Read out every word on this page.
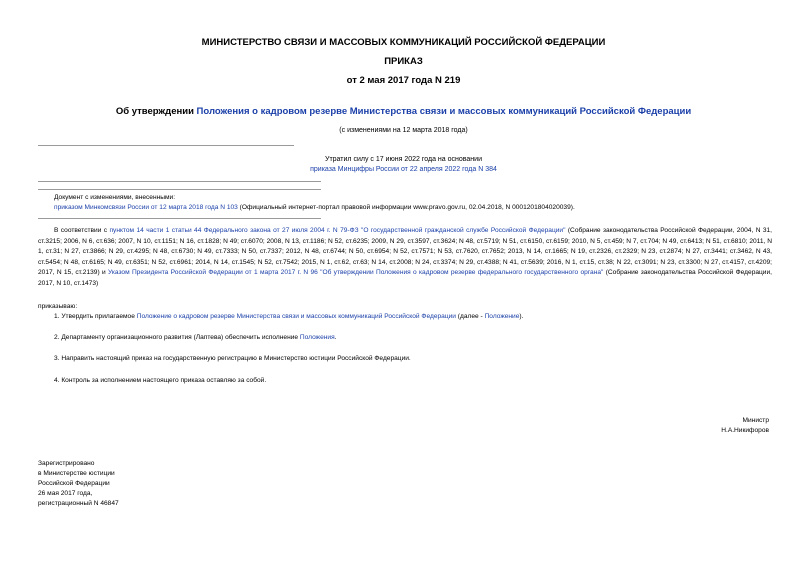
МИНИСТЕРСТВО СВЯЗИ И МАССОВЫХ КОММУНИКАЦИЙ РОССИЙСКОЙ ФЕДЕРАЦИИ
ПРИКАЗ
от 2 мая 2017 года N 219
Об утверждении Положения о кадровом резерве Министерства связи и массовых коммуникаций Российской Федерации
(с изменениями на 12 марта 2018 года)
Утратил силу с 17 июня 2022 года на основании
приказа Минцифры России от 22 апреля 2022 года N 384
Документ с изменениями, внесенными:
приказом Минкомсвязи России от 12 марта 2018 года N 103 (Официальный интернет-портал правовой информации www.pravo.gov.ru, 02.04.2018, N 0001201804020039).
В соответствии с пунктом 14 части 1 статьи 44 Федерального закона от 27 июля 2004 г. N 79-ФЗ "О государственной гражданской службе Российской Федерации" (Собрание законодательства Российской Федерации, 2004, N 31, ст.3215; 2006, N 6, ст.636; 2007, N 10, ст.1151; N 16, ст.1828; N 49; ст.6070; 2008, N 13, ст.1186; N 52, ст.6235; 2009, N 29, ст.3597, ст.3624; N 48, ст.5719; N 51, ст.6150, ст.6159; 2010, N 5, ст.459; N 7, ст.704; N 49, ст.6413; N 51, ст.6810; 2011, N 1, ст.31; N 27, ст.3866; N 29, ст.4295; N 48, ст.6730; N 49, ст.7333; N 50, ст.7337; 2012, N 48, ст.6744; N 50, ст.6954; N 52, ст.7571; N 53, ст.7620, ст.7652; 2013, N 14, ст.1665; N 19, ст.2326, ст.2329; N 23, ст.2874; N 27, ст.3441; ст.3462, N 43, ст.5454; N 48, ст.6165; N 49, ст.6351; N 52, ст.6961; 2014, N 14, ст.1545; N 52, ст.7542; 2015, N 1, ст.62, ст.63; N 14, ст.2008; N 24, ст.3374; N 29, ст.4388; N 41, ст.5639; 2016, N 1, ст.15, ст.38; N 22, ст.3091; N 23, ст.3300; N 27, ст.4157, ст.4209; 2017, N 15, ст.2139) и Указом Президента Российской Федерации от 1 марта 2017 г. N 96 "Об утверждении Положения о кадровом резерве федерального государственного органа" (Собрание законодательства Российской Федерации, 2017, N 10, ст.1473)
приказываю:
1. Утвердить прилагаемое Положение о кадровом резерве Министерства связи и массовых коммуникаций Российской Федерации (далее - Положение).
2. Департаменту организационного развития (Лаптева) обеспечить исполнение Положения.
3. Направить настоящий приказ на государственную регистрацию в Министерство юстиции Российской Федерации.
4. Контроль за исполнением настоящего приказа оставляю за собой.
Министр
Н.А.Никифоров
Зарегистрировано
в Министерстве юстиции
Российской Федерации
26 мая 2017 года,
регистрационный N 46847
